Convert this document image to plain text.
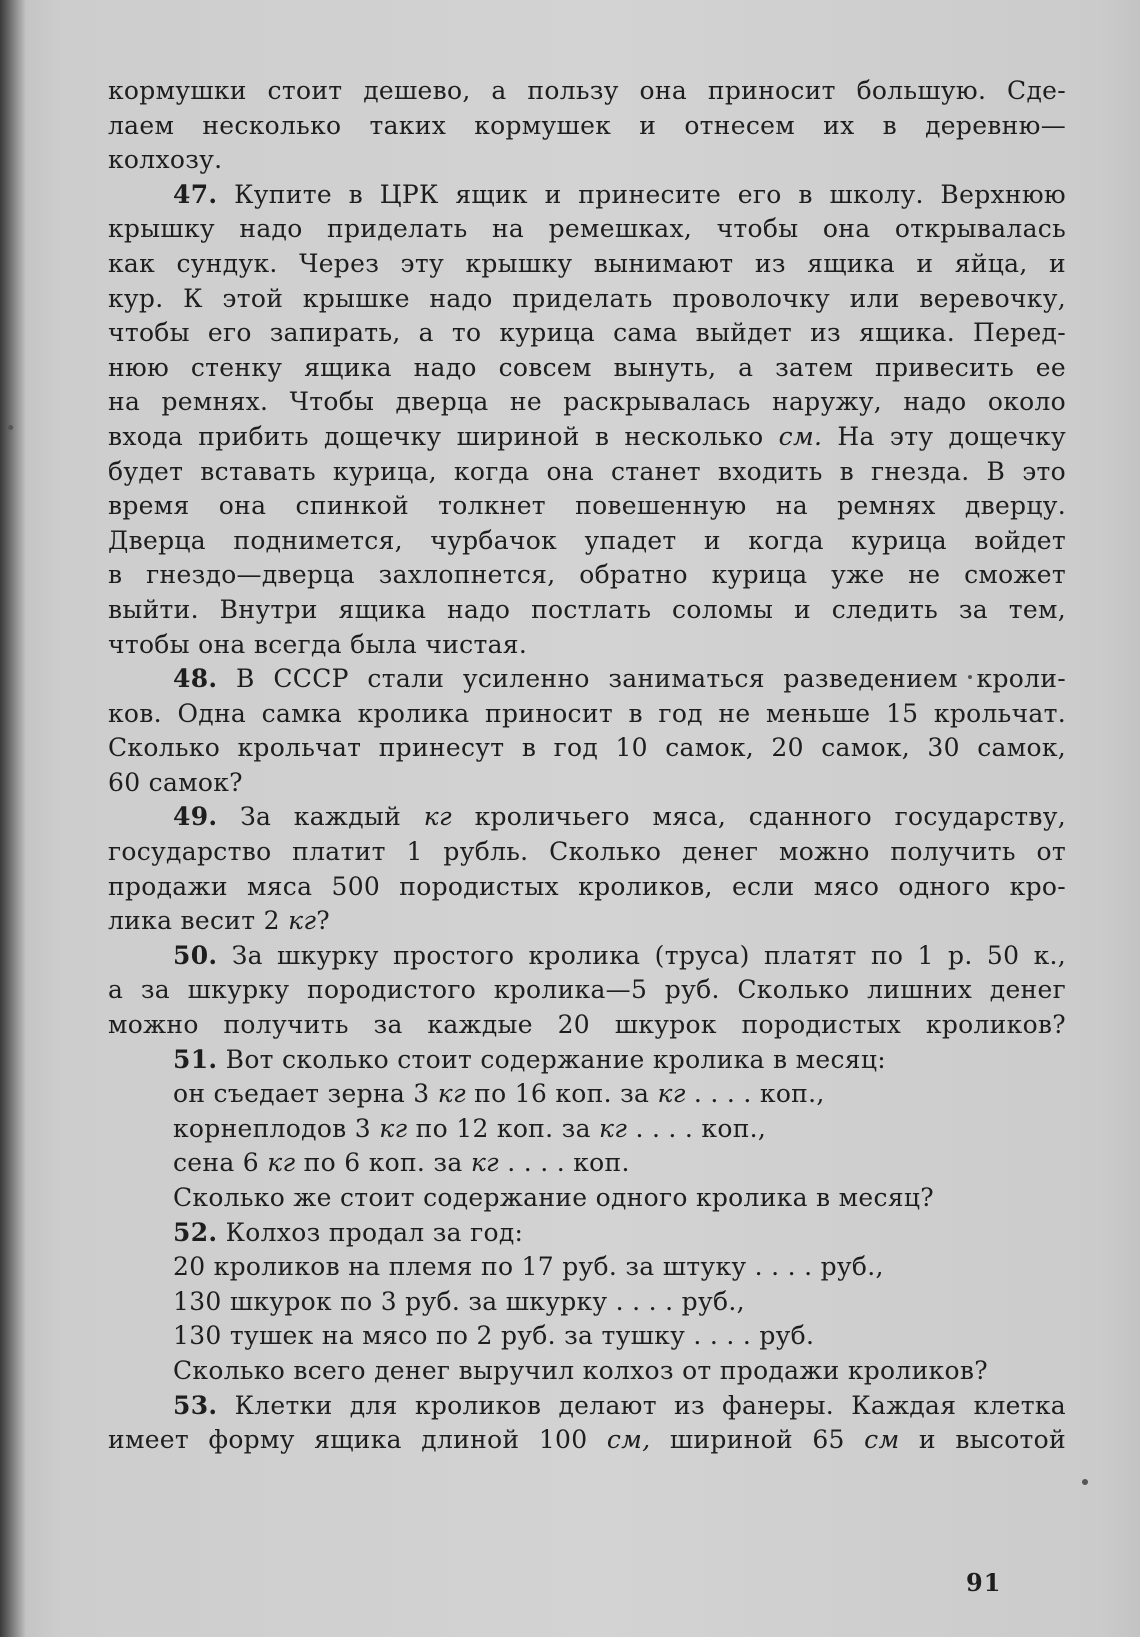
кормушки стоит дешево, а пользу она приносит большую. Сде-
лаем несколько таких кормушек и отнесем их в деревню—
колхозу.
47. Купите в ЦРК ящик и принесите его в школу. Верхнюю
крышку надо приделать на ремешках, чтобы она открывалась
как сундук. Через эту крышку вынимают из ящика и яйца, и
кур. К этой крышке надо приделать проволочку или веревочку,
чтобы его запирать, а то курица сама выйдет из ящика. Перед-
нюю стенку ящика надо совсем вынуть, а затем привесить ее
на ремнях. Чтобы дверца не раскрывалась наружу, надо около
входа прибить дощечку шириной в несколько см. На эту дощечку
будет вставать курица, когда она станет входить в гнезда. В это
время она спинкой толкнет повешенную на ремнях дверцу.
Дверца поднимется, чурбачок упадет и когда курица войдет
в гнездо—дверца захлопнется, обратно курица уже не сможет
выйти. Внутри ящика надо постлать соломы и следить за тем,
чтобы она всегда была чистая.
48. В СССР стали усиленно заниматься разведением кроли-
ков. Одна самка кролика приносит в год не меньше 15 крольчат.
Сколько крольчат принесут в год 10 самок, 20 самок, 30 самок,
60 самок?
49. За каждый кг кроличьего мяса, сданного государству,
государство платит 1 рубль. Сколько денег можно получить от
продажи мяса 500 породистых кроликов, если мясо одного кро-
лика весит 2 кг?
50. За шкурку простого кролика (труса) платят по 1 р. 50 к.,
а за шкурку породистого кролика—5 руб. Сколько лишних денег
можно получить за каждые 20 шкурок породистых кроликов?
51. Вот сколько стоит содержание кролика в месяц:
он съедает зерна 3 кг по 16 коп. за кг . . . . коп.,
корнеплодов 3 кг по 12 коп. за кг . . . . коп.,
сена 6 кг по 6 коп. за кг . . . . коп.
Сколько же стоит содержание одного кролика в месяц?
52. Колхоз продал за год:
20 кроликов на племя по 17 руб. за штуку . . . . руб.,
130 шкурок по 3 руб. за шкурку . . . . руб.,
130 тушек на мясо по 2 руб. за тушку . . . . руб.
Сколько всего денег выручил колхоз от продажи кроликов?
53. Клетки для кроликов делают из фанеры. Каждая клетка
имеет форму ящика длиной 100 см, шириной 65 см и высотой
91
